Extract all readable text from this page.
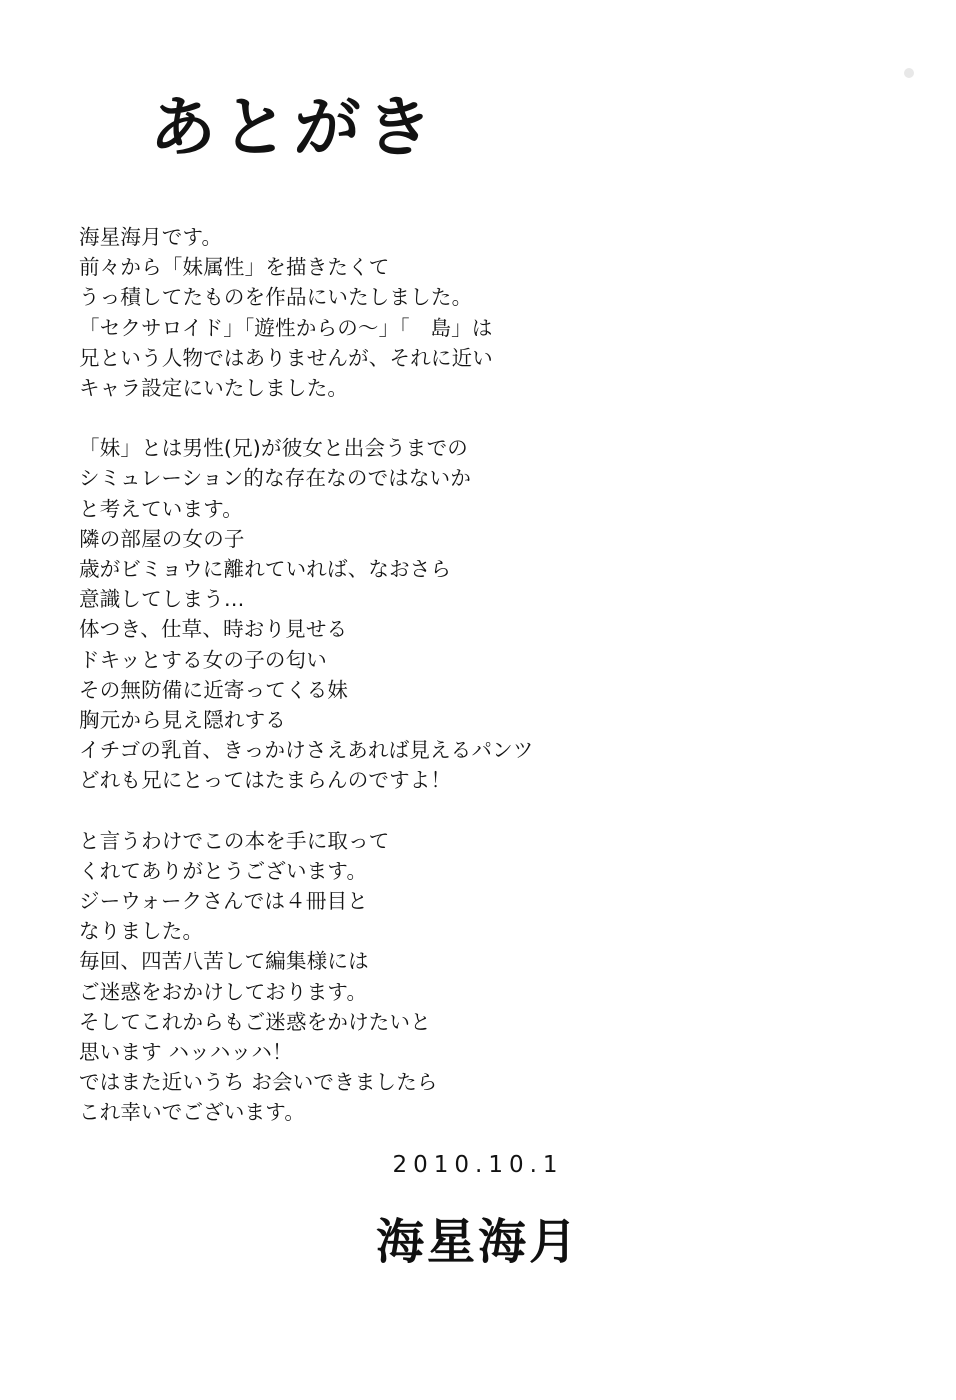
あとがき
海星海月です。
前々から「妹属性」を描きたくて
うっ積してたものを作品にいたしました。
「セクサロイド」「遊性からの〜」「　島」は
兄という人物ではありませんが、それに近い
キャラ設定にいたしました。
「妹」とは男性(兄)が彼女と出会うまでの
シミュレーション的な存在なのではないか
と考えています。
隣の部屋の女の子
歳がビミョウに離れていれば、なおさら
意識してしまう…
体つき、仕草、時おり見せる
ドキッとする女の子の匂い
その無防備に近寄ってくる妹
胸元から見え隠れする
イチゴの乳首、きっかけさえあれば見えるパンツ
どれも兄にとってはたまらんのですよ！
と言うわけでこの本を手に取って
くれてありがとうございます。
ジーウォークさんでは４冊目と
なりました。
毎回、四苦八苦して編集様には
ご迷惑をおかけしております。
そしてこれからもご迷惑をかけたいと
思います ハッハッハ！
ではまた近いうち お会いできましたら
これ幸いでございます。
2010.10.1
海星海月
